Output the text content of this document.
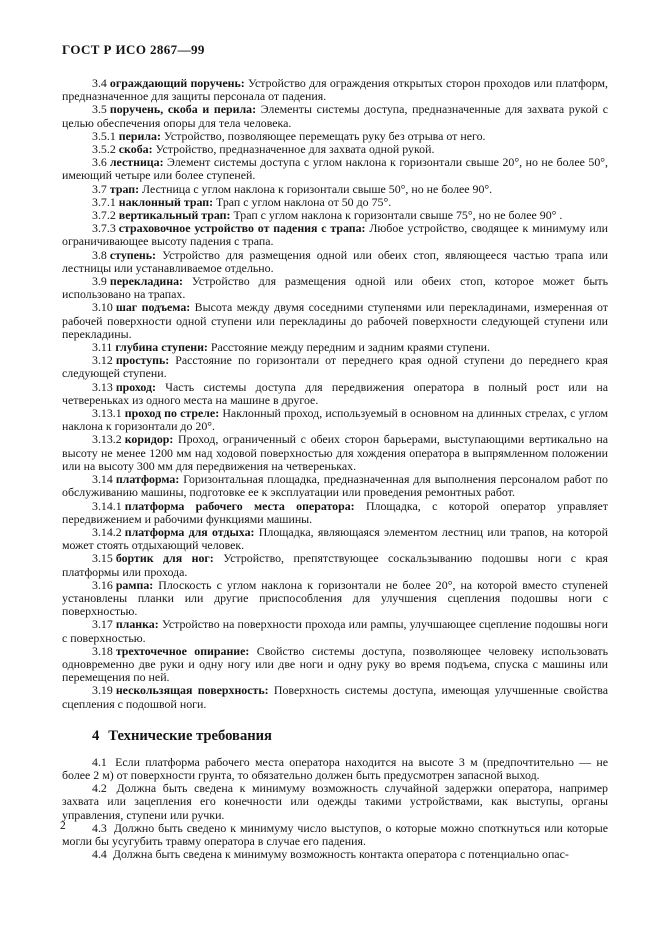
ГОСТ Р ИСО 2867—99

3.4 ограждающий поручень: Устройство для ограждения открытых сторон проходов или платформ, предназначенное для защиты персонала от падения.

3.5 поручень, скоба и перила: Элементы системы доступа, предназначенные для захвата рукой с целью обеспечения опоры для тела человека.

3.5.1 перила: Устройство, позволяющее перемещать руку без отрыва от него.

3.5.2 скоба: Устройство, предназначенное для захвата одной рукой.

3.6 лестница: Элемент системы доступа с углом наклона к горизонтали свыше 20°, но не более 50°, имеющий четыре или более ступеней.

3.7 трап: Лестница с углом наклона к горизонтали свыше 50°, но не более 90°.

3.7.1 наклонный трап: Трап с углом наклона от 50 до 75°.

3.7.2 вертикальный трап: Трап с углом наклона к горизонтали свыше 75°, но не более 90° .

3.7.3 страховочное устройство от падения с трапа: Любое устройство, сводящее к минимуму или ограничивающее высоту падения с трапа.

3.8 ступень: Устройство для размещения одной или обеих стоп, являющееся частью трапа или лестницы или устанавливаемое отдельно.

3.9 перекладина: Устройство для размещения одной или обеих стоп, которое может быть использовано на трапах.

3.10 шаг подъема: Высота между двумя соседними ступенями или перекладинами, измеренная от рабочей поверхности одной ступени или перекладины до рабочей поверхности следующей ступени или перекладины.

3.11 глубина ступени: Расстояние между передним и задним краями ступени.

3.12 проступь: Расстояние по горизонтали от переднего края одной ступени до переднего края следующей ступени.

3.13 проход: Часть системы доступа для передвижения оператора в полный рост или на четвереньках из одного места на машине в другое.

3.13.1 проход по стреле: Наклонный проход, используемый в основном на длинных стрелах, с углом наклона к горизонтали до 20°.

3.13.2 коридор: Проход, ограниченный с обеих сторон барьерами, выступающими вертикально на высоту не менее 1200 мм над ходовой поверхностью для хождения оператора в выпрямленном положении или на высоту 300 мм для передвижения на четвереньках.

3.14 платформа: Горизонтальная площадка, предназначенная для выполнения персоналом работ по обслуживанию машины, подготовке ее к эксплуатации или проведения ремонтных работ.

3.14.1 платформа рабочего места оператора: Площадка, с которой оператор управляет передвижением и рабочими функциями машины.

3.14.2 платформа для отдыха: Площадка, являющаяся элементом лестниц или трапов, на которой может стоять отдыхающий человек.

3.15 бортик для ног: Устройство, препятствующее соскальзыванию подошвы ноги с края платформы или прохода.

3.16 рампа: Плоскость с углом наклона к горизонтали не более 20°, на которой вместо ступеней установлены планки или другие приспособления для улучшения сцепления подошвы ноги с поверхностью.

3.17 планка: Устройство на поверхности прохода или рампы, улучшающее сцепление подошвы ноги с поверхностью.

3.18 трехточечное опирание: Свойство системы доступа, позволяющее человеку использовать одновременно две руки и одну ногу или две ноги и одну руку во время подъема, спуска с машины или перемещения по ней.

3.19 нескользящая поверхность: Поверхность системы доступа, имеющая улучшенные свойства сцепления с подошвой ноги.

4 Технические требования

4.1 Если платформа рабочего места оператора находится на высоте 3 м (предпочтительно — не более 2 м) от поверхности грунта, то обязательно должен быть предусмотрен запасной выход.

4.2 Должна быть сведена к минимуму возможность случайной задержки оператора, например захвата или зацепления его конечности или одежды такими устройствами, как выступы, органы управления, ступени или ручки.

4.3 Должно быть сведено к минимуму число выступов, о которые можно споткнуться или которые могли бы усугубить травму оператора в случае его падения.

4.4 Должна быть сведена к минимуму возможность контакта оператора с потенциально опас-

2
